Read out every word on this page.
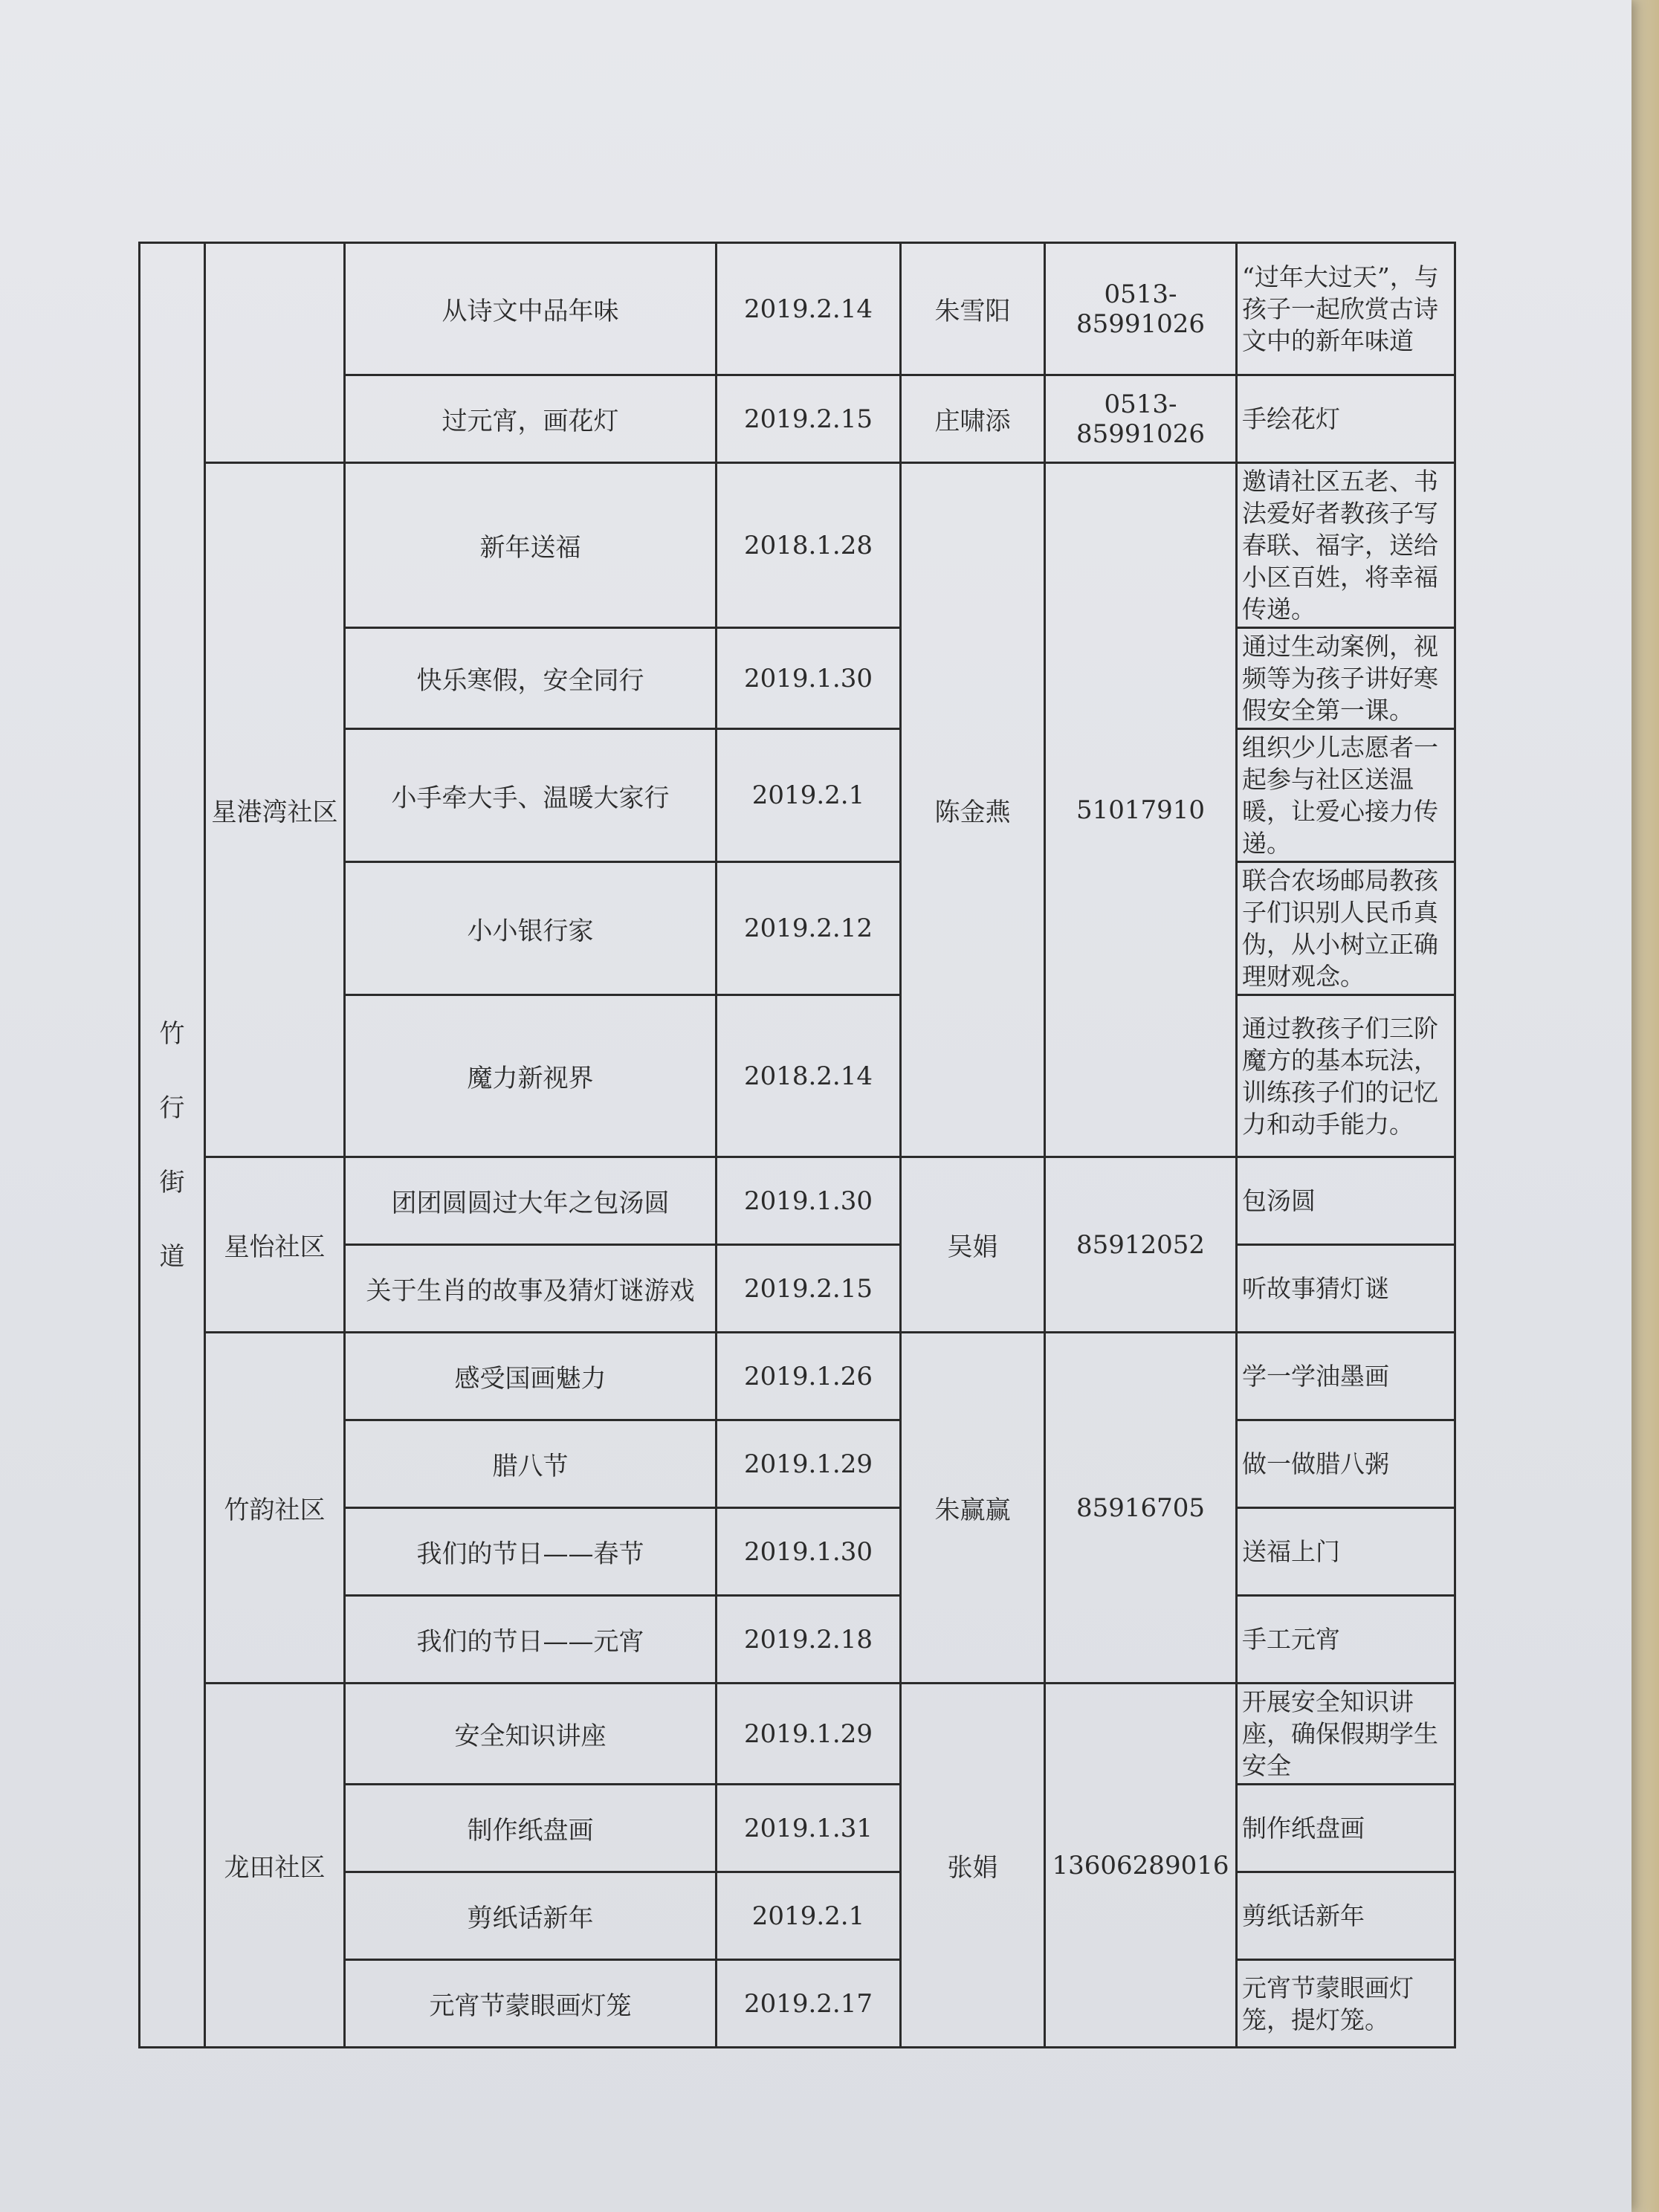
竹行街道		从诗文中品年味	2019.2.14	朱雪阳	0513-85991026	“过年大过天”，与孩子一起欣赏古诗文中的新年味道
		过元宵，画花灯	2019.2.15	庄啸添	0513-85991026	手绘花灯
	星港湾社区	新年送福	2018.1.28	陈金燕	51017910	邀请社区五老、书法爱好者教孩子写春联、福字，送给小区百姓，将幸福传递。
		快乐寒假，安全同行	2019.1.30			通过生动案例，视频等为孩子讲好寒假安全第一课。
		小手牵大手、温暖大家行	2019.2.1			组织少儿志愿者一起参与社区送温暖，让爱心接力传递。
		小小银行家	2019.2.12			联合农场邮局教孩子们识别人民币真伪，从小树立正确理财观念。
		魔力新视界	2018.2.14			通过教孩子们三阶魔方的基本玩法，训练孩子们的记忆力和动手能力。
	星怡社区	团团圆圆过大年之包汤圆	2019.1.30	吴娟	85912052	包汤圆
		关于生肖的故事及猜灯谜游戏	2019.2.15			听故事猜灯谜
	竹韵社区	感受国画魅力	2019.1.26	朱赢赢	85916705	学一学油墨画
		腊八节	2019.1.29			做一做腊八粥
		我们的节日——春节	2019.1.30			送福上门
		我们的节日——元宵	2019.2.18			手工元宵
	龙田社区	安全知识讲座	2019.1.29	张娟	13606289016	开展安全知识讲座，确保假期学生安全
		制作纸盘画	2019.1.31			制作纸盘画
		剪纸话新年	2019.2.1			剪纸话新年
		元宵节蒙眼画灯笼	2019.2.17			元宵节蒙眼画灯笼，提灯笼。
